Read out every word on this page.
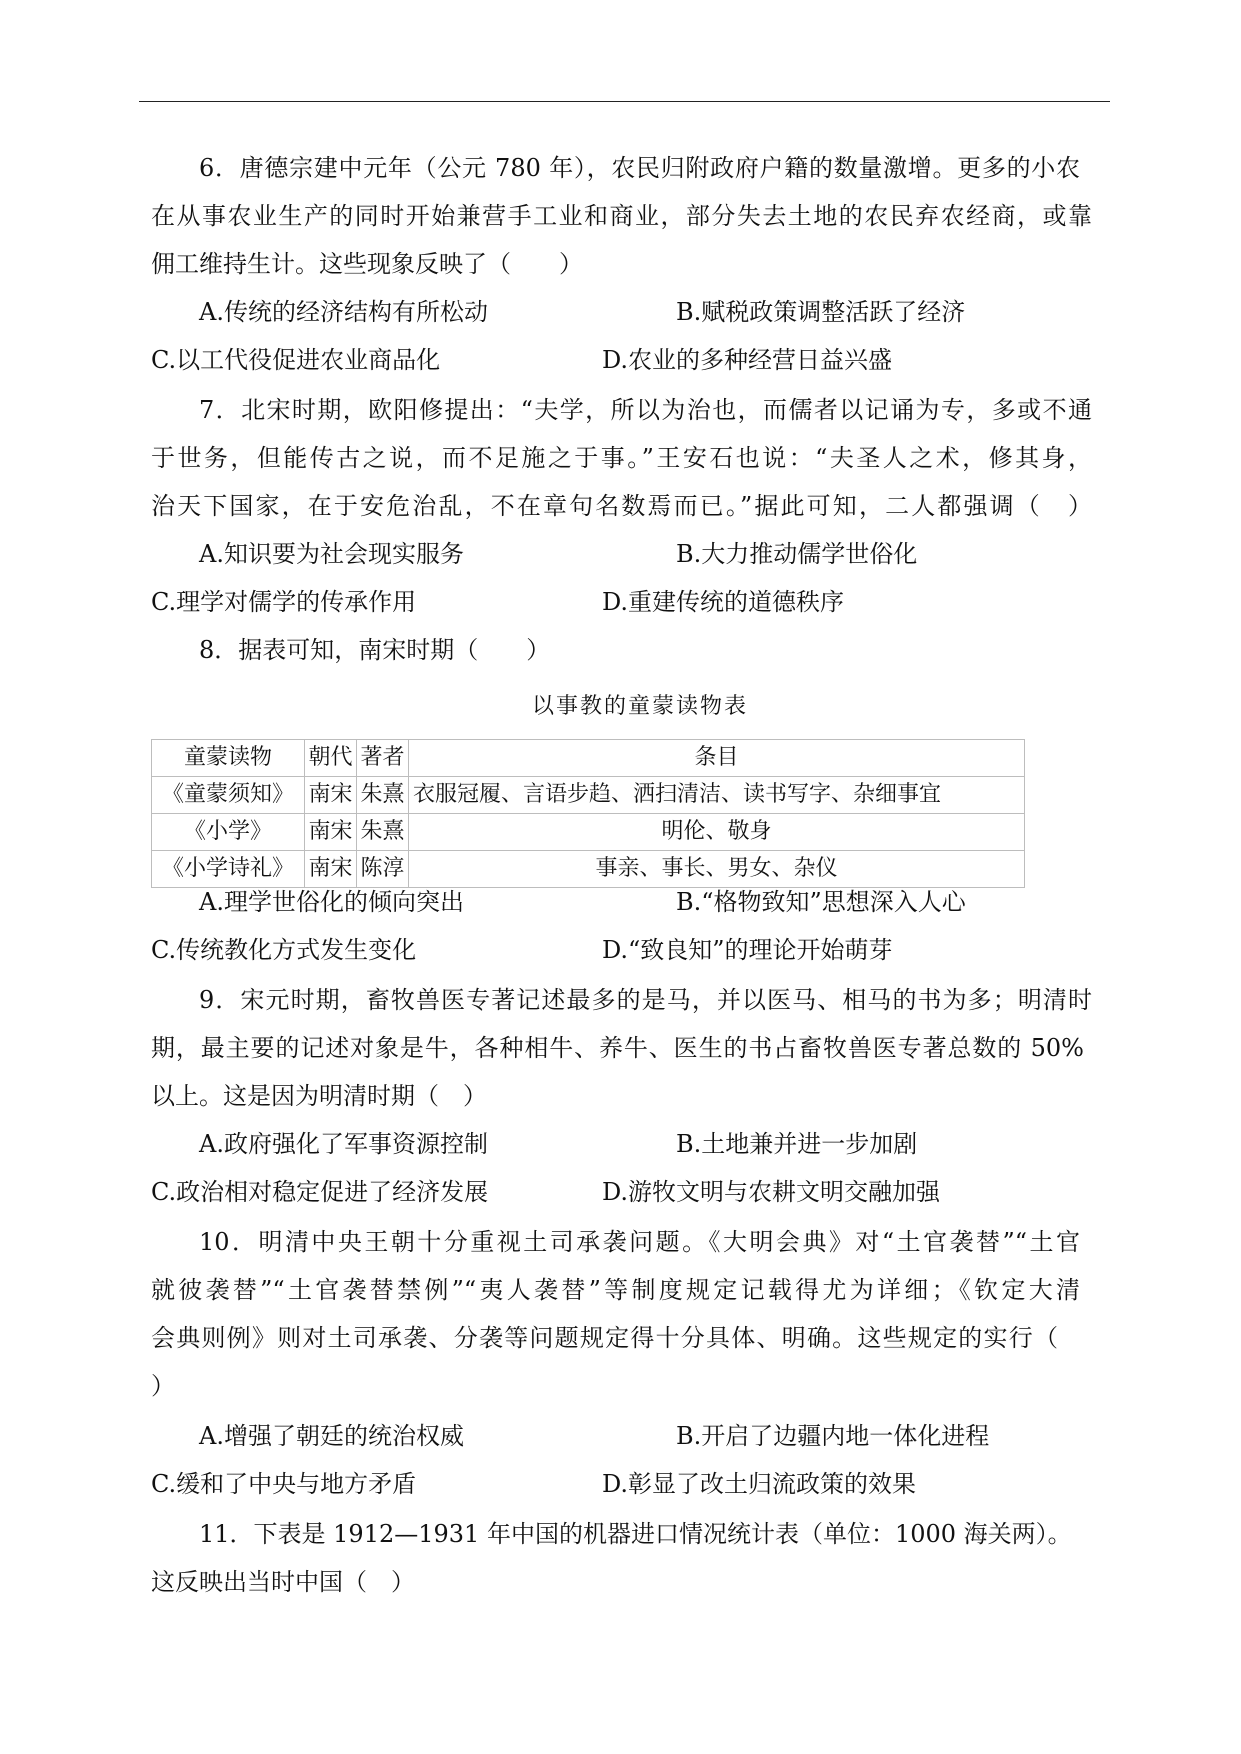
6．唐德宗建中元年（公元 780 年），农民归附政府户籍的数量激增。更多的小农
在从事农业生产的同时开始兼营手工业和商业，部分失去土地的农民弃农经商，或靠
佣工维持生计。这些现象反映了（　　）
A.传统的经济结构有所松动	B.赋税政策调整活跃了经济
C.以工代役促进农业商品化	D.农业的多种经营日益兴盛
7．北宋时期，欧阳修提出：“夫学，所以为治也，而儒者以记诵为专，多或不通
于世务，但能传古之说，而不足施之于事。”王安石也说：“夫圣人之术，修其身，
治天下国家，在于安危治乱，不在章句名数焉而已。”据此可知，二人都强调（　）
A.知识要为社会现实服务	B.大力推动儒学世俗化
C.理学对儒学的传承作用	D.重建传统的道德秩序
8．据表可知，南宋时期（　　）
以事教的童蒙读物表
童蒙读物	朝代	著者	条目
《童蒙须知》	南宋	朱熹	衣服冠履、言语步趋、洒扫清洁、读书写字、杂细事宜
《小学》	南宋	朱熹	明伦、敬身
《小学诗礼》	南宋	陈淳	事亲、事长、男女、杂仪
A.理学世俗化的倾向突出	B.“格物致知”思想深入人心
C.传统教化方式发生变化	D.“致良知”的理论开始萌芽
9．宋元时期，畜牧兽医专著记述最多的是马，并以医马、相马的书为多；明清时
期，最主要的记述对象是牛，各种相牛、养牛、医生的书占畜牧兽医专著总数的 50%
以上。这是因为明清时期（　）
A.政府强化了军事资源控制	B.土地兼并进一步加剧
C.政治相对稳定促进了经济发展	D.游牧文明与农耕文明交融加强
10．明清中央王朝十分重视土司承袭问题。《大明会典》对“土官袭替”“土官
就彼袭替”“土官袭替禁例”“夷人袭替”等制度规定记载得尤为详细；《钦定大清
会典则例》则对土司承袭、分袭等问题规定得十分具体、明确。这些规定的实行（
）
A.增强了朝廷的统治权威	B.开启了边疆内地一体化进程
C.缓和了中央与地方矛盾	D.彰显了改土归流政策的效果
11．下表是 1912—1931 年中国的机器进口情况统计表（单位：1000 海关两）。
这反映出当时中国（　）
